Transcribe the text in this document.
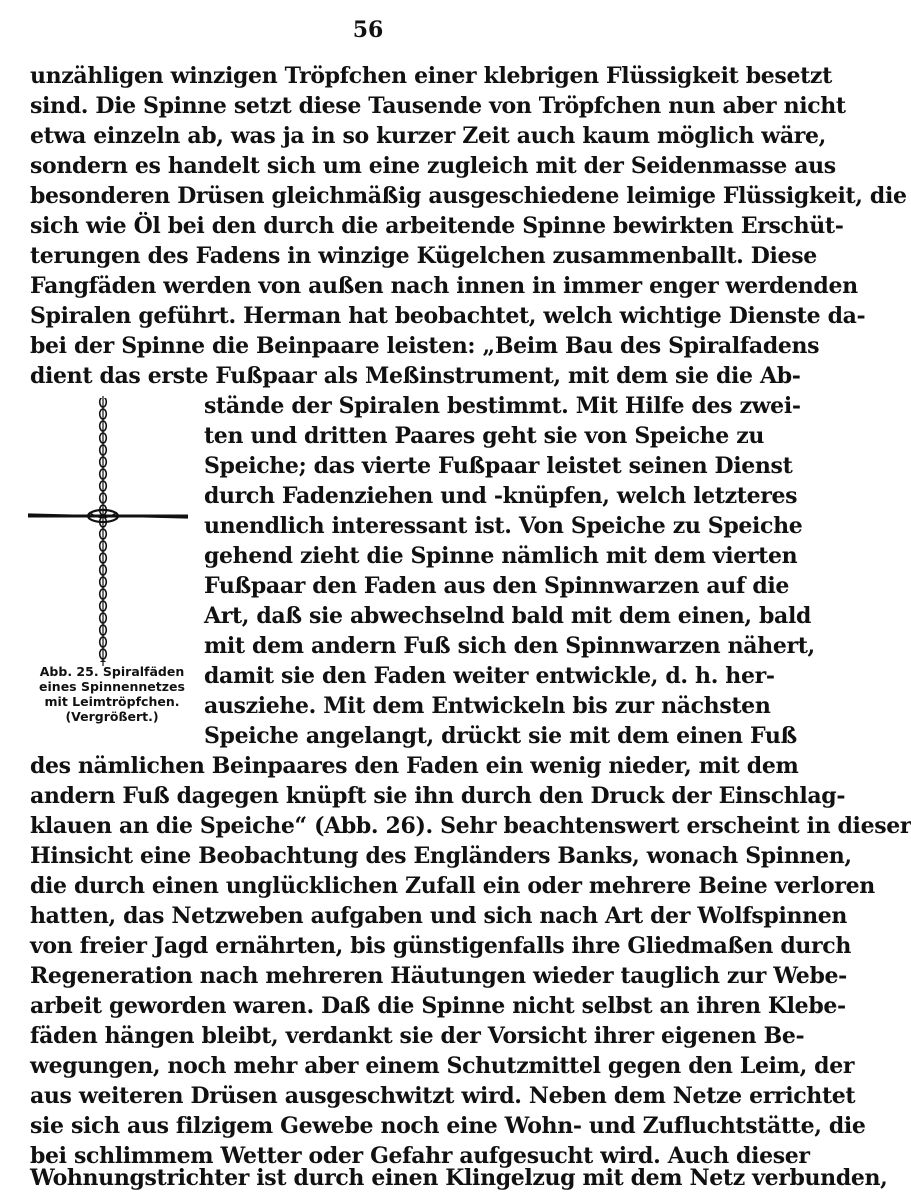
56
unzähligen winzigen Tröpfchen einer klebrigen Flüssigkeit besetzt
sind. Die Spinne setzt diese Tausende von Tröpfchen nun aber nicht
etwa einzeln ab, was ja in so kurzer Zeit auch kaum möglich wäre,
sondern es handelt sich um eine zugleich mit der Seidenmasse aus
besonderen Drüsen gleichmäßig ausgeschiedene leimige Flüssigkeit, die
sich wie Öl bei den durch die arbeitende Spinne bewirkten Erschüt-
terungen des Fadens in winzige Kügelchen zusammenballt. Diese
Fangfäden werden von außen nach innen in immer enger werdenden
Spiralen geführt. Herman hat beobachtet, welch wichtige Dienste da-
bei der Spinne die Beinpaare leisten: „Beim Bau des Spiralfadens
dient das erste Fußpaar als Meßinstrument, mit dem sie die Ab-
stände der Spiralen bestimmt. Mit Hilfe des zwei-
ten und dritten Paares geht sie von Speiche zu
Speiche; das vierte Fußpaar leistet seinen Dienst
durch Fadenziehen und -knüpfen, welch letzteres
unendlich interessant ist. Von Speiche zu Speiche
gehend zieht die Spinne nämlich mit dem vierten
Fußpaar den Faden aus den Spinnwarzen auf die
Art, daß sie abwechselnd bald mit dem einen, bald
mit dem andern Fuß sich den Spinnwarzen nähert,
damit sie den Faden weiter entwickle, d. h. her-
ausziehe. Mit dem Entwickeln bis zur nächsten
Speiche angelangt, drückt sie mit dem einen Fuß
des nämlichen Beinpaares den Faden ein wenig nieder, mit dem
andern Fuß dagegen knüpft sie ihn durch den Druck der Einschlag-
klauen an die Speiche“ (Abb. 26). Sehr beachtenswert erscheint in dieser
Hinsicht eine Beobachtung des Engländers Banks, wonach Spinnen,
die durch einen unglücklichen Zufall ein oder mehrere Beine verloren
hatten, das Netzweben aufgaben und sich nach Art der Wolfspinnen
von freier Jagd ernährten, bis günstigenfalls ihre Gliedmaßen durch
Regeneration nach mehreren Häutungen wieder tauglich zur Webe-
arbeit geworden waren. Daß die Spinne nicht selbst an ihren Klebe-
fäden hängen bleibt, verdankt sie der Vorsicht ihrer eigenen Be-
wegungen, noch mehr aber einem Schutzmittel gegen den Leim, der
aus weiteren Drüsen ausgeschwitzt wird. Neben dem Netze errichtet
sie sich aus filzigem Gewebe noch eine Wohn- und Zufluchtstätte, die
bei schlimmem Wetter oder Gefahr aufgesucht wird. Auch dieser
Wohnungstrichter ist durch einen Klingelzug mit dem Netz verbunden,
Abb. 25. Spiralfäden
eines Spinnennetzes
mit Leimtröpfchen.
(Vergrößert.)
